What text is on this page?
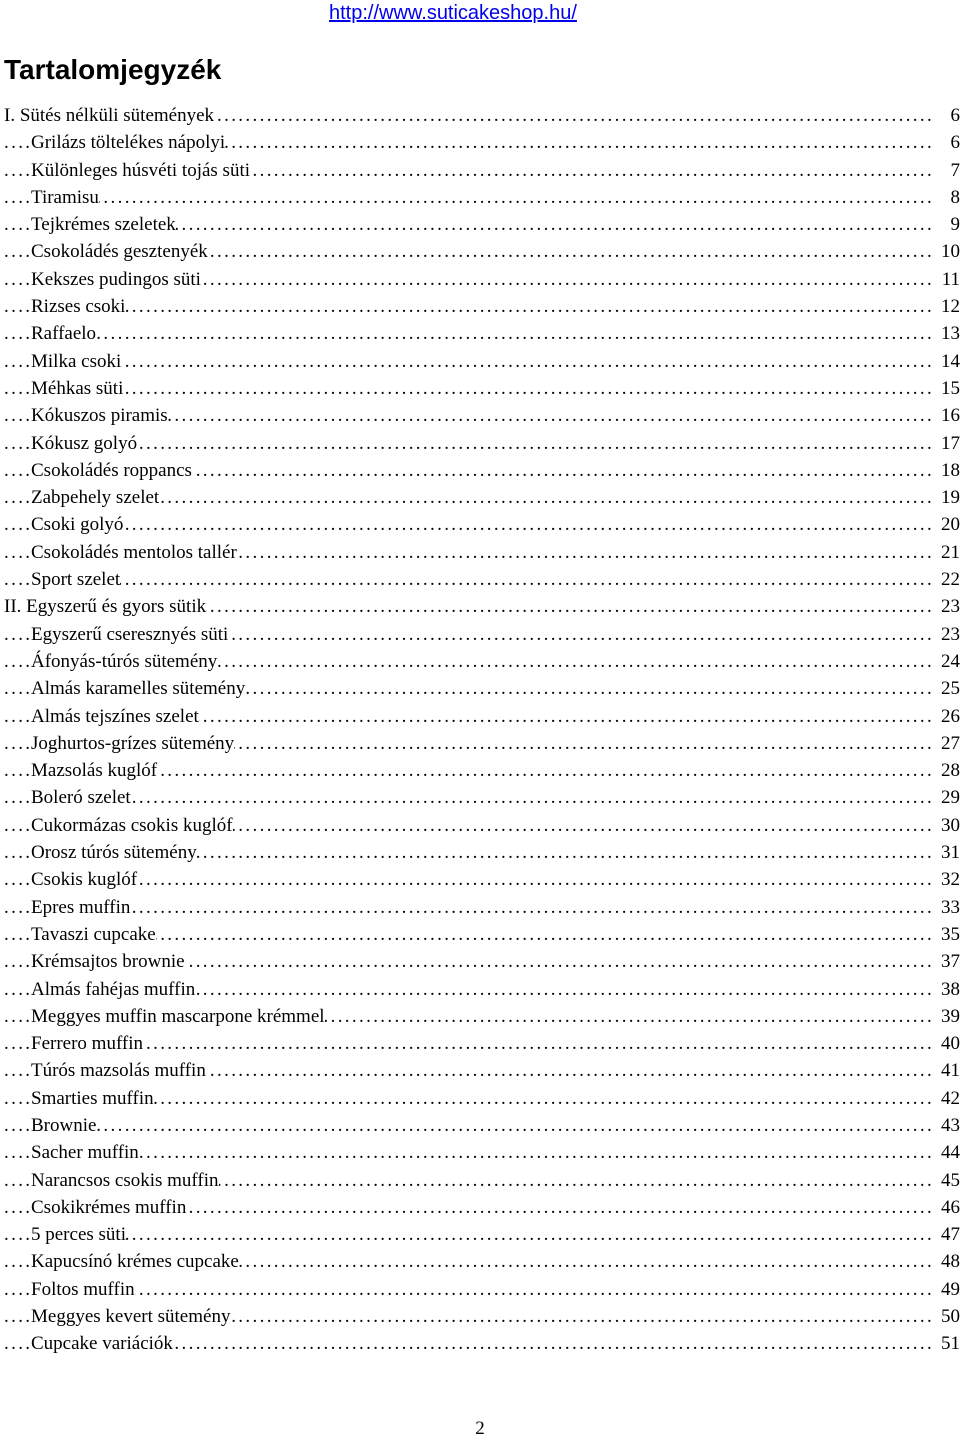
http://www.suticakeshop.hu/
Tartalomjegyzék
I. Sütés nélküli sütemények	6
. . .
Grilázs töltelékes nápolyi	6
. . .
Különleges húsvéti tojás süti	7
. . .
Tiramisu	8
. . .
Tejkrémes szeletek	9
. . .
Csokoládés gesztenyék	10
. . .
Kekszes pudingos süti	11
. . .
Rizses csoki	12
. . .
Raffaelo	13
. . .
Milka csoki	14
. . .
Méhkas süti	15
. . .
Kókuszos piramis	16
. . .
Kókusz golyó	17
. . .
Csokoládés roppancs	18
. . .
Zabpehely szelet	19
. . .
Csoki golyó	20
. . .
Csokoládés mentolos tallér	21
. . .
Sport szelet	22
. . .
II. Egyszerű és gyors sütik	23
. . .
Egyszerű cseresznyés süti	23
. . .
Áfonyás-túrós sütemény	24
. . .
Almás karamelles sütemény	25
. . .
Almás tejszínes szelet	26
. . .
Joghurtos-grízes sütemény	27
. . .
Mazsolás kuglóf	28
. . .
Boleró szelet	29
. . .
Cukormázas csokis kuglóf	30
. . .
Orosz túrós sütemény	31
. . .
Csokis kuglóf	32
. . .
Epres muffin	33
. . .
Tavaszi cupcake	35
. . .
Krémsajtos brownie	37
. . .
Almás fahéjas muffin	38
. . .
Meggyes muffin mascarpone krémmel	39
. . .
Ferrero muffin	40
. . .
Túrós mazsolás muffin	41
. . .
Smarties muffin	42
. . .
Brownie	43
. . .
Sacher muffin	44
. . .
Narancsos csokis muffin	45
. . .
Csokikrémes muffin	46
. . .
5 perces süti	47
. . .
Kapucsínó krémes cupcake	48
. . .
Foltos muffin	49
. . .
Meggyes kevert sütemény	50
. . .
Cupcake variációk	51
. . .
2
